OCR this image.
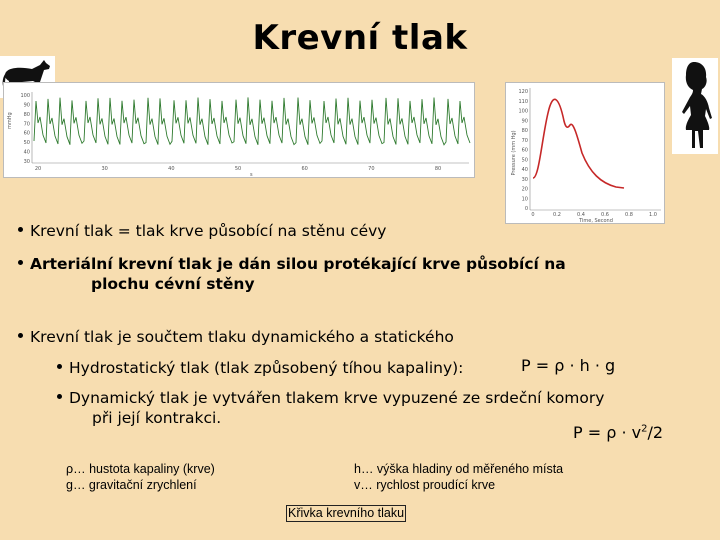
Krevní tlak
mmHg
100
90
80
70
60
50
40
30
20	30	40	50	60	70	80
s	Pressure (mm Hg)
120
110
100
90
80
70
60
50
40
30
20
10
0
0	0.2	0.4	0.6	0.8	1.0
Time, Second
Krevní tlak = tlak krve působící na stěnu cévy
Arteriální krevní tlak je dán silou protékající krve působící na
plochu cévní stěny
Krevní tlak je součtem tlaku dynamického a statického
Hydrostatický tlak (tlak způsobený tíhou kapaliny):	P = ρ · h · g
Dynamický tlak je vytvářen tlakem krve vypuzené ze srdeční komory
při její kontrakci.
$P = \rho \cdot v^2/2$
ρ… hustota kapaliny (krve)
g… gravitační zrychlení
h… výška hladiny od měřeného místa
v… rychlost proudící krve
Křivka krevního tlaku
